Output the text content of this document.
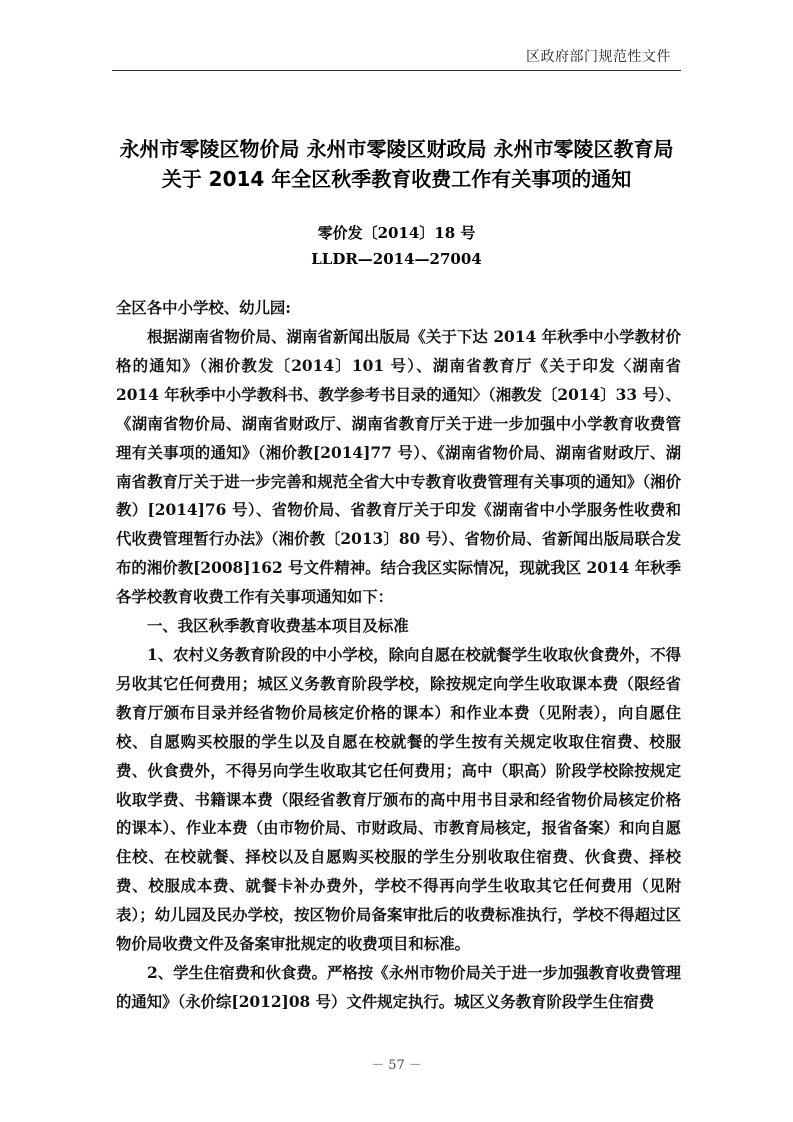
区政府部门规范性文件
永州市零陵区物价局 永州市零陵区财政局 永州市零陵区教育局
关于 2014 年全区秋季教育收费工作有关事项的通知
零价发〔2014〕18 号
LLDR—2014—27004

全区各中小学校、幼儿园:

根据湖南省物价局、湖南省新闻出版局《关于下达 2014 年秋季中小学教材价格的通知》（湘价教发〔2014〕101 号）、湖南省教育厅《关于印发〈湖南省 2014 年秋季中小学教科书、教学参考书目录的通知〉（湘教发〔2014〕33 号）、《湖南省物价局、湖南省财政厅、湖南省教育厅关于进一步加强中小学教育收费管理有关事项的通知》（湘价教[2014]77 号）、《湖南省物价局、湖南省财政厅、湖南省教育厅关于进一步完善和规范全省大中专教育收费管理有关事项的通知》（湘价教）[2014]76 号）、省物价局、省教育厅关于印发《湖南省中小学服务性收费和代收费管理暂行办法》（湘价教〔2013〕80 号）、省物价局、省新闻出版局联合发布的湘价教[2008]162 号文件精神。结合我区实际情况，现就我区 2014 年秋季各学校教育收费工作有关事项通知如下：

一、我区秋季教育收费基本项目及标准

1、农村义务教育阶段的中小学校，除向自愿在校就餐学生收取伙食费外，不得另收其它任何费用；城区义务教育阶段学校，除按规定向学生收取课本费（限经省教育厅颁布目录并经省物价局核定价格的课本）和作业本费（见附表），向自愿住校、自愿购买校服的学生以及自愿在校就餐的学生按有关规定收取住宿费、校服费、伙食费外，不得另向学生收取其它任何费用；高中（职高）阶段学校除按规定收取学费、书籍课本费（限经省教育厅颁布的高中用书目录和经省物价局核定价格的课本）、作业本费（由市物价局、市财政局、市教育局核定，报省备案）和向自愿住校、在校就餐、择校以及自愿购买校服的学生分别收取住宿费、伙食费、择校费、校服成本费、就餐卡补办费外，学校不得再向学生收取其它任何费用（见附表）；幼儿园及民办学校，按区物价局备案审批后的收费标准执行，学校不得超过区物价局收费文件及备案审批规定的收费项目和标准。

2、学生住宿费和伙食费。严格按《永州市物价局关于进一步加强教育收费管理的通知》（永价综[2012]08 号）文件规定执行。城区义务教育阶段学生住宿费

－ 57 －
